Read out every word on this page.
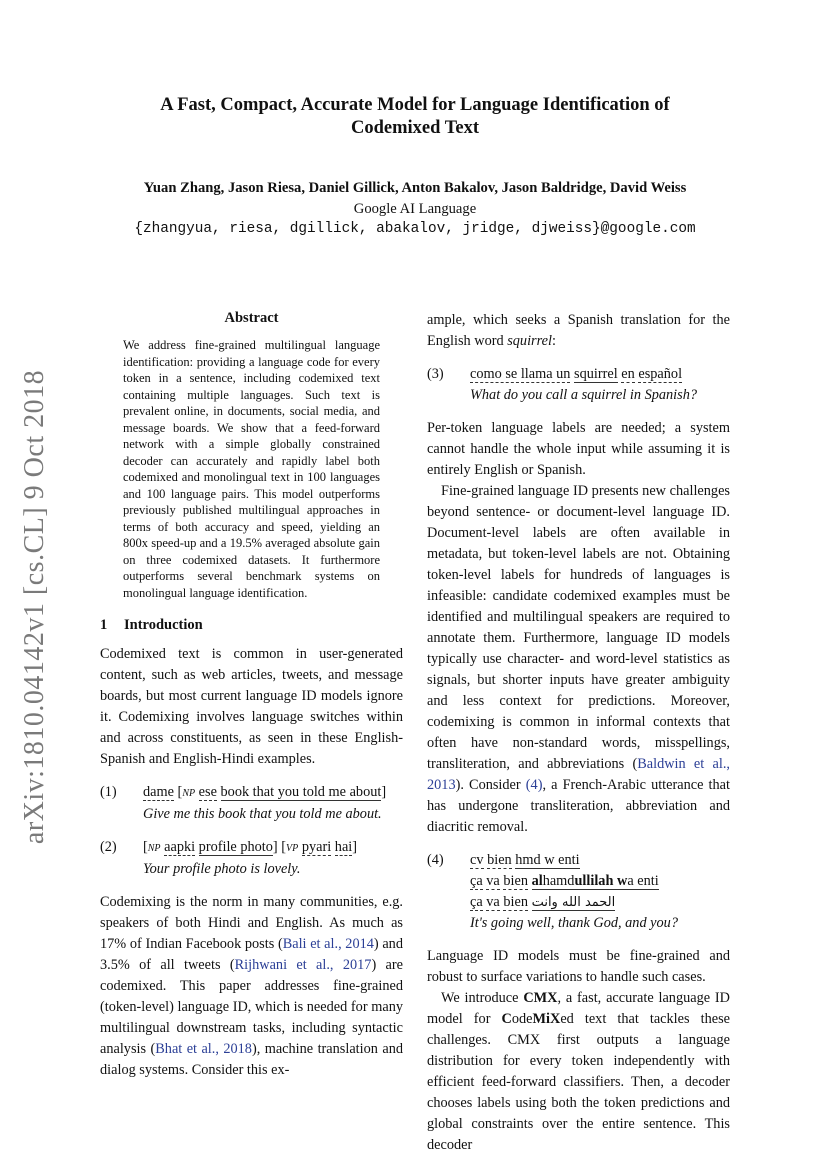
arXiv:1810.04142v1 [cs.CL] 9 Oct 2018
A Fast, Compact, Accurate Model for Language Identification of
Codemixed Text
Yuan Zhang, Jason Riesa, Daniel Gillick, Anton Bakalov, Jason Baldridge, David Weiss
Google AI Language
{zhangyua, riesa, dgillick, abakalov, jridge, djweiss}@google.com
Abstract
We address fine-grained multilingual language identification: providing a language code for every token in a sentence, including codemixed text containing multiple languages. Such text is prevalent online, in documents, social media, and message boards. We show that a feed-forward network with a simple globally constrained decoder can accurately and rapidly label both codemixed and monolingual text in 100 languages and 100 language pairs. This model outperforms previously published multilingual approaches in terms of both accuracy and speed, yielding an 800x speed-up and a 19.5% averaged absolute gain on three codemixed datasets. It furthermore outperforms several benchmark systems on monolingual language identification.
1 Introduction

Codemixed text is common in user-generated content, such as web articles, tweets, and message boards, but most current language ID models ignore it. Codemixing involves language switches within and across constituents, as seen in these English-Spanish and English-Hindi examples.

(1)	dame [NP ese book that you told me about]
Give me this book that you told me about.
(2)	[NP aapki profile photo] [VP pyari hai]
Your profile photo is lovely.

Codemixing is the norm in many communities, e.g. speakers of both Hindi and English. As much as 17% of Indian Facebook posts (Bali et al., 2014) and 3.5% of all tweets (Rijhwani et al., 2017) are codemixed. This paper addresses fine-grained (token-level) language ID, which is needed for many multilingual downstream tasks, including syntactic analysis (Bhat et al., 2018), machine translation and dialog systems. Consider this ex-

ample, which seeks a Spanish translation for the English word squirrel:

(3)	como se llama un squirrel en español
What do you call a squirrel in Spanish?

Per-token language labels are needed; a system cannot handle the whole input while assuming it is entirely English or Spanish.

Fine-grained language ID presents new challenges beyond sentence- or document-level language ID. Document-level labels are often available in metadata, but token-level labels are not. Obtaining token-level labels for hundreds of languages is infeasible: candidate codemixed examples must be identified and multilingual speakers are required to annotate them. Furthermore, language ID models typically use character- and word-level statistics as signals, but shorter inputs have greater ambiguity and less context for predictions. Moreover, codemixing is common in informal contexts that often have non-standard words, misspellings, transliteration, and abbreviations (Baldwin et al., 2013). Consider (4), a French-Arabic utterance that has undergone transliteration, abbreviation and diacritic removal.

(4)	cv bien hmd w enti
ça va bien alhamdullilah wa enti
ça va bien الحمد الله وانت
It's going well, thank God, and you?

Language ID models must be fine-grained and robust to surface variations to handle such cases.

We introduce CMX, a fast, accurate language ID model for CodeMiXed text that tackles these challenges. CMX first outputs a language distribution for every token independently with efficient feed-forward classifiers. Then, a decoder chooses labels using both the token predictions and global constraints over the entire sentence. This decoder
